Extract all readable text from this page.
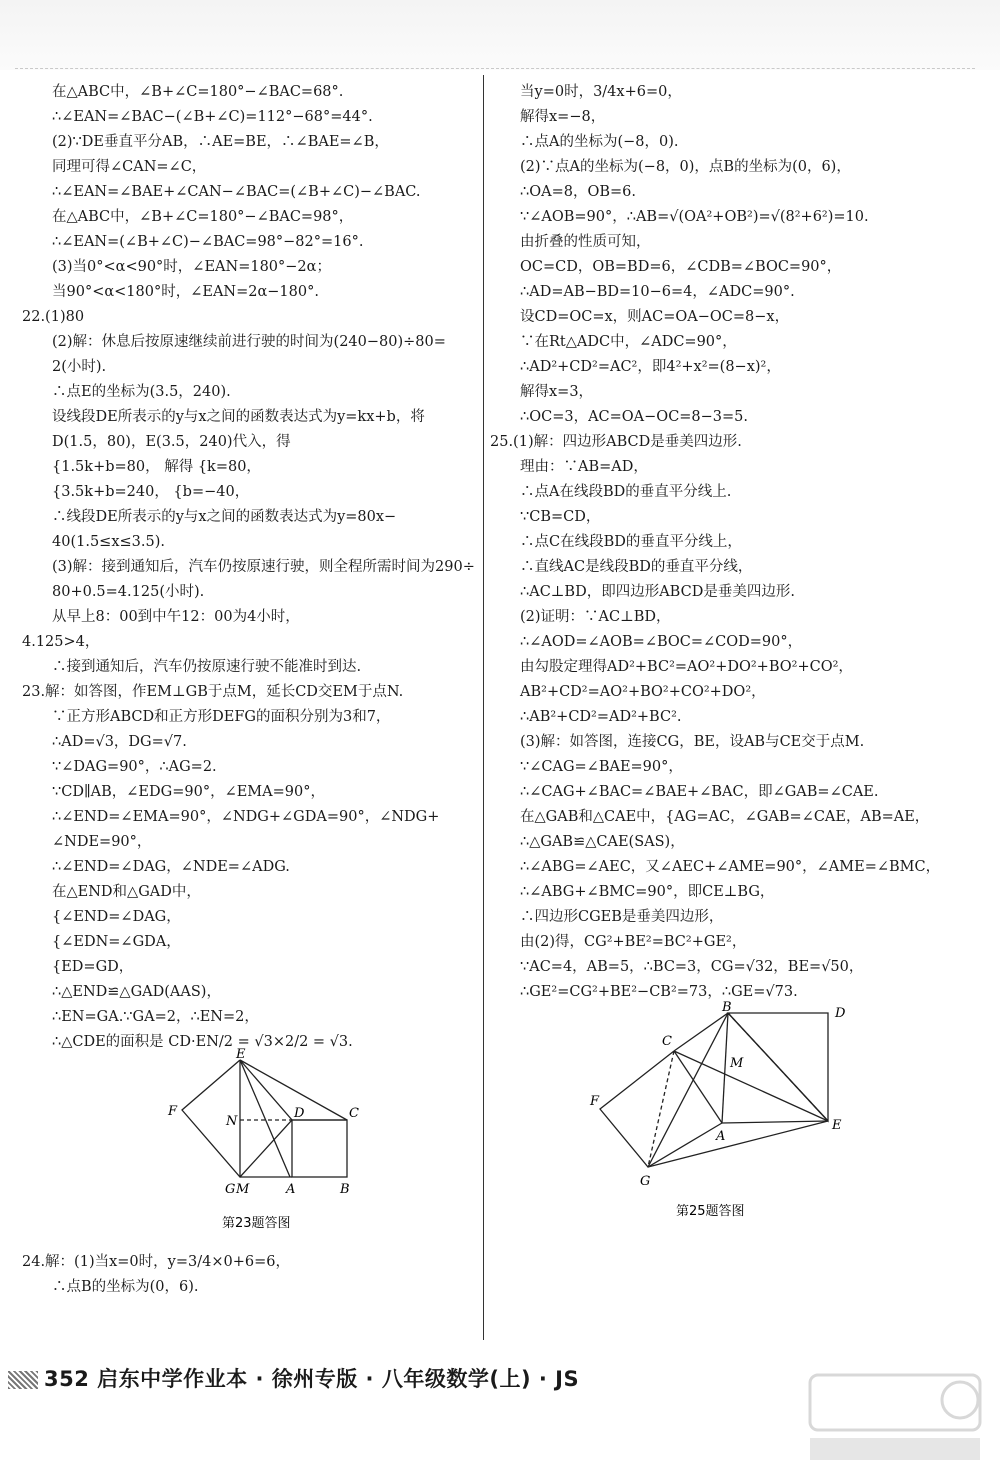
在△ABC中，∠B+∠C=180°−∠BAC=68°.
∴∠EAN=∠BAC−(∠B+∠C)=112°−68°=44°.
(2)∵DE垂直平分AB，∴AE=BE，∴∠BAE=∠B，
同理可得∠CAN=∠C，
∴∠EAN=∠BAE+∠CAN−∠BAC=(∠B+∠C)−∠BAC.
在△ABC中，∠B+∠C=180°−∠BAC=98°，
∴∠EAN=(∠B+∠C)−∠BAC=98°−82°=16°.
(3)当0°<α<90°时，∠EAN=180°−2α；
当90°<α<180°时，∠EAN=2α−180°.
22.(1)80
(2)解：休息后按原速继续前进行驶的时间为(240−80)÷80=
2(小时).
∴点E的坐标为(3.5，240).
设线段DE所表示的y与x之间的函数表达式为y=kx+b，将
D(1.5，80)，E(3.5，240)代入，得
{1.5k+b=80， 解得 {k=80，
{3.5k+b=240， {b=−40，
∴线段DE所表示的y与x之间的函数表达式为y=80x−
40(1.5≤x≤3.5).
(3)解：接到通知后，汽车仍按原速行驶，则全程所需时间为290÷
80+0.5=4.125(小时).
从早上8：00到中午12：00为4小时，
4.125>4，
∴接到通知后，汽车仍按原速行驶不能准时到达.
23.解：如答图，作EM⊥GB于点M，延长CD交EM于点N.
∵正方形ABCD和正方形DEFG的面积分别为3和7，
∴AD=√3，DG=√7.
∵∠DAG=90°，∴AG=2.
∵CD∥AB，∠EDG=90°，∠EMA=90°，
∴∠END=∠EMA=90°，∠NDG+∠GDA=90°，∠NDG+
∠NDE=90°，
∴∠END=∠DAG，∠NDE=∠ADG.
在△END和△GAD中，
{∠END=∠DAG，
{∠EDN=∠GDA，
{ED=GD，
∴△END≌△GAD(AAS)，
∴EN=GA.∵GA=2，∴EN=2，
∴△CDE的面积是 CD·EN/2 = √3×2/2 = √3.
E
F
N
D	C
G M	A	B
第23题答图
24.解：(1)当x=0时，y=3/4×0+6=6，
∴点B的坐标为(0，6).
当y=0时，3/4x+6=0，
解得x=−8，
∴点A的坐标为(−8，0).
(2)∵点A的坐标为(−8，0)，点B的坐标为(0，6)，
∴OA=8，OB=6.
∵∠AOB=90°，∴AB=√(OA²+OB²)=√(8²+6²)=10.
由折叠的性质可知，
OC=CD，OB=BD=6，∠CDB=∠BOC=90°，
∴AD=AB−BD=10−6=4，∠ADC=90°.
设CD=OC=x，则AC=OA−OC=8−x，
∵在Rt△ADC中，∠ADC=90°，
∴AD²+CD²=AC²，即4²+x²=(8−x)²，
解得x=3，
∴OC=3，AC=OA−OC=8−3=5.
25.(1)解：四边形ABCD是垂美四边形.
理由：∵AB=AD，
∴点A在线段BD的垂直平分线上.
∵CB=CD，
∴点C在线段BD的垂直平分线上，
∴直线AC是线段BD的垂直平分线，
∴AC⊥BD，即四边形ABCD是垂美四边形.
(2)证明：∵AC⊥BD，
∴∠AOD=∠AOB=∠BOC=∠COD=90°，
由勾股定理得AD²+BC²=AO²+DO²+BO²+CO²，
AB²+CD²=AO²+BO²+CO²+DO²，
∴AB²+CD²=AD²+BC².
(3)解：如答图，连接CG，BE，设AB与CE交于点M.
∵∠CAG=∠BAE=90°，
∴∠CAG+∠BAC=∠BAE+∠BAC，即∠GAB=∠CAE.
在△GAB和△CAE中，{AG=AC，∠GAB=∠CAE，AB=AE，
∴△GAB≌△CAE(SAS)，
∴∠ABG=∠AEC，又∠AEC+∠AME=90°，∠AME=∠BMC，
∴∠ABG+∠BMC=90°，即CE⊥BG，
∴四边形CGEB是垂美四边形，
由(2)得，CG²+BE²=BC²+GE²，
∵AC=4，AB=5，∴BC=3，CG=√32，BE=√50，
∴GE²=CG²+BE²−CB²=73，∴GE=√73.
B	D
C
M
F
A
E
G
第25题答图
352 启东中学作业本 · 徐州专版 · 八年级数学(上) · JS
